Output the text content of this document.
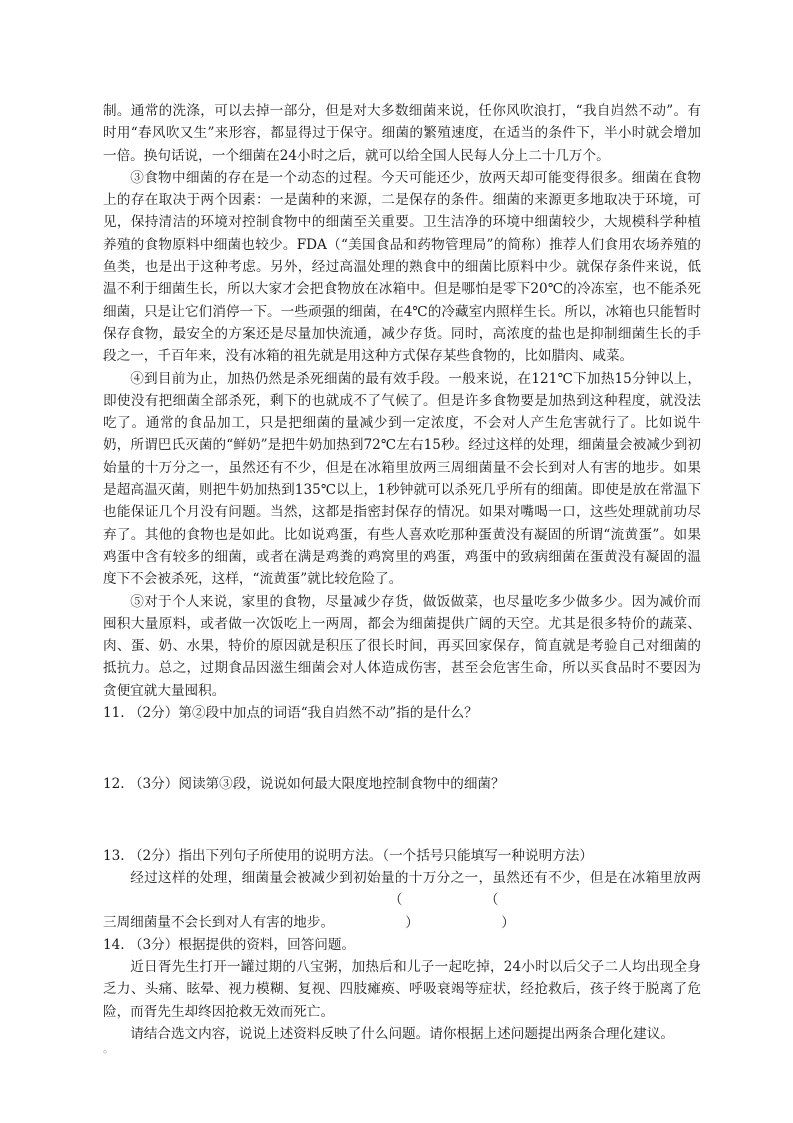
制。通常的洗涤，可以去掉一部分，但是对大多数细菌来说，任你风吹浪打，“我自岿然不动”。有时用“春风吹又生”来形容，都显得过于保守。细菌的繁殖速度，在适当的条件下，半小时就会增加一倍。换句话说，一个细菌在24小时之后，就可以给全国人民每人分上二十几万个。

③食物中细菌的存在是一个动态的过程。今天可能还少，放两天却可能变得很多。细菌在食物上的存在取决于两个因素：一是菌种的来源，二是保存的条件。细菌的来源更多地取决于环境，可见，保持清洁的环境对控制食物中的细菌至关重要。卫生洁净的环境中细菌较少，大规模科学种植养殖的食物原料中细菌也较少。FDA（“美国食品和药物管理局”的简称）推荐人们食用农场养殖的鱼类，也是出于这种考虑。另外，经过高温处理的熟食中的细菌比原料中少。就保存条件来说，低温不利于细菌生长，所以大家才会把食物放在冰箱中。但是哪怕是零下20℃的冷冻室，也不能杀死细菌，只是让它们消停一下。一些顽强的细菌，在4℃的冷藏室内照样生长。所以，冰箱也只能暂时保存食物，最安全的方案还是尽量加快流通，减少存货。同时，高浓度的盐也是抑制细菌生长的手段之一，千百年来，没有冰箱的祖先就是用这种方式保存某些食物的，比如腊肉、咸菜。

④到目前为止，加热仍然是杀死细菌的最有效手段。一般来说，在121℃下加热15分钟以上，即使没有把细菌全部杀死，剩下的也就成不了气候了。但是许多食物要是加热到这种程度，就没法吃了。通常的食品加工，只是把细菌的量减少到一定浓度，不会对人产生危害就行了。比如说牛奶，所谓巴氏灭菌的“鲜奶”是把牛奶加热到72℃左右15秒。经过这样的处理，细菌量会被减少到初始量的十万分之一，虽然还有不少，但是在冰箱里放两三周细菌量不会长到对人有害的地步。如果是超高温灭菌，则把牛奶加热到135℃以上，1秒钟就可以杀死几乎所有的细菌。即使是放在常温下也能保证几个月没有问题。当然，这都是指密封保存的情况。如果对嘴喝一口，这些处理就前功尽弃了。其他的食物也是如此。比如说鸡蛋，有些人喜欢吃那种蛋黄没有凝固的所谓“流黄蛋”。如果鸡蛋中含有较多的细菌，或者在满是鸡粪的鸡窝里的鸡蛋，鸡蛋中的致病细菌在蛋黄没有凝固的温度下不会被杀死，这样，“流黄蛋”就比较危险了。

⑤对于个人来说，家里的食物，尽量减少存货，做饭做菜，也尽量吃多少做多少。因为减价而囤积大量原料，或者做一次饭吃上一两周，都会为细菌提供广阔的天空。尤其是很多特价的蔬菜、肉、蛋、奶、水果，特价的原因就是积压了很长时间，再买回家保存，简直就是考验自己对细菌的抵抗力。总之，过期食品因滋生细菌会对人体造成伤害，甚至会危害生命，所以买食品时不要因为贪便宜就大量囤积。

11. （2分）第②段中加点的词语“我自岿然不动”指的是什么？

12. （3分）阅读第③段，说说如何最大限度地控制食物中的细菌？

13. （2分）指出下列句子所使用的说明方法。（一个括号只能填写一种说明方法）

经过这样的处理，细菌量会被减少到初始量的十万分之一，虽然还有不少，但是在冰箱里放两三周细菌量不会长到对人有害的地步。（）（）

14. （3分）根据提供的资料，回答问题。

近日胥先生打开一罐过期的八宝粥，加热后和儿子一起吃掉，24小时以后父子二人均出现全身乏力、头痛、眩晕、视力模糊、复视、四肢瘫痪、呼吸衰竭等症状，经抢救后，孩子终于脱离了危险，而胥先生却终因抢救无效而死亡。

请结合选文内容，说说上述资料反映了什么问题。请你根据上述问题提出两条合理化建议。

。
